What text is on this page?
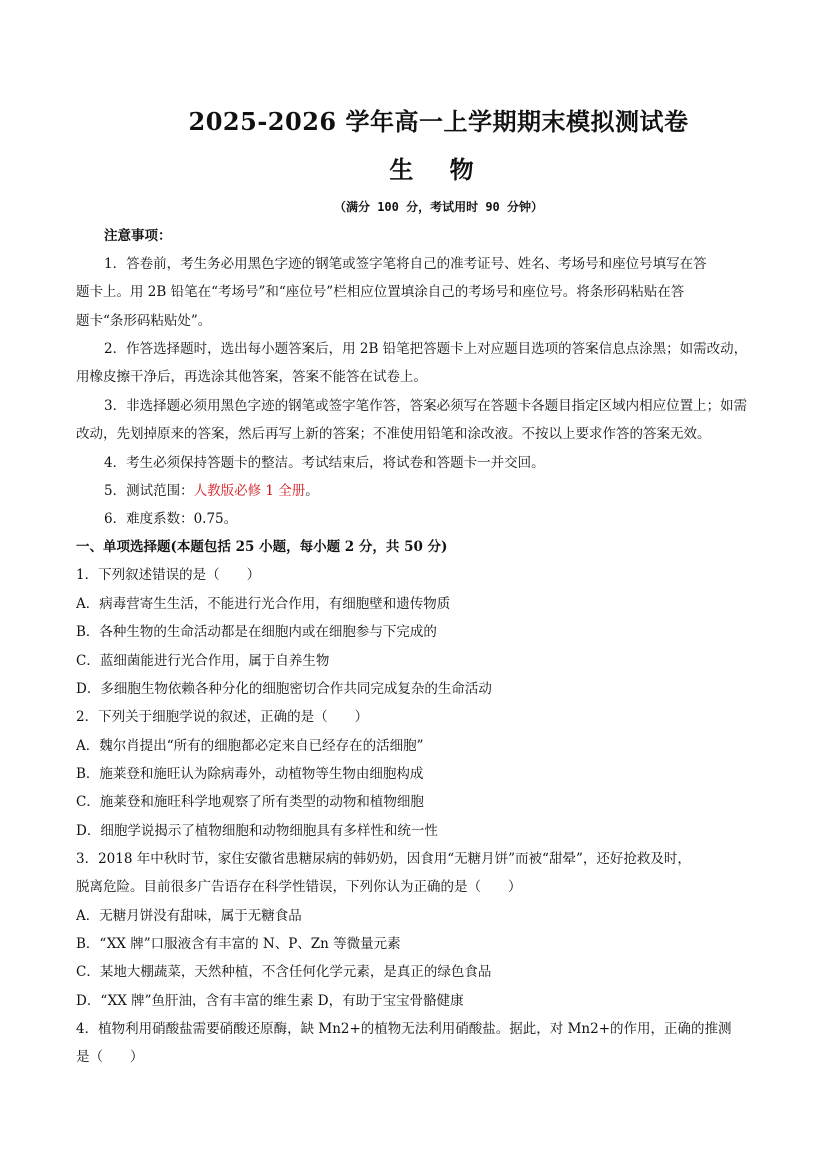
2025-2026 学年高一上学期期末模拟测试卷
生 物
（满分 100 分，考试用时 90 分钟）
注意事项：
1．答卷前，考生务必用黑色字迹的钢笔或签字笔将自己的准考证号、姓名、考场号和座位号填写在答
题卡上。用 2B 铅笔在“考场号”和“座位号”栏相应位置填涂自己的考场号和座位号。将条形码粘贴在答
题卡“条形码粘贴处”。
2．作答选择题时，选出每小题答案后，用 2B 铅笔把答题卡上对应题目选项的答案信息点涂黑；如需改动，
用橡皮擦干净后，再选涂其他答案，答案不能答在试卷上。
3．非选择题必须用黑色字迹的钢笔或签字笔作答，答案必须写在答题卡各题目指定区域内相应位置上；如需
改动，先划掉原来的答案，然后再写上新的答案；不准使用铅笔和涂改液。不按以上要求作答的答案无效。
4．考生必须保持答题卡的整洁。考试结束后，将试卷和答题卡一并交回。
5．测试范围：人教版必修 1 全册。
6．难度系数：0.75。
一、单项选择题(本题包括 25 小题，每小题 2 分，共 50 分)
1．下列叙述错误的是（　　）
A．病毒营寄生生活，不能进行光合作用，有细胞壁和遗传物质
B．各种生物的生命活动都是在细胞内或在细胞参与下完成的
C．蓝细菌能进行光合作用，属于自养生物
D．多细胞生物依赖各种分化的细胞密切合作共同完成复杂的生命活动
2．下列关于细胞学说的叙述，正确的是（　　）
A．魏尔肖提出“所有的细胞都必定来自已经存在的活细胞”
B．施莱登和施旺认为除病毒外，动植物等生物由细胞构成
C．施莱登和施旺科学地观察了所有类型的动物和植物细胞
D．细胞学说揭示了植物细胞和动物细胞具有多样性和统一性
3．2018 年中秋时节，家住安徽省患糖尿病的韩奶奶，因食用“无糖月饼”而被“甜晕”，还好抢救及时，
脱离危险。目前很多广告语存在科学性错误，下列你认为正确的是（　　）
A．无糖月饼没有甜味，属于无糖食品
B．“XX 牌”口服液含有丰富的 N、P、Zn 等微量元素
C．某地大棚蔬菜，天然种植，不含任何化学元素，是真正的绿色食品
D．“XX 牌”鱼肝油，含有丰富的维生素 D，有助于宝宝骨骼健康
4．植物利用硝酸盐需要硝酸还原酶，缺 Mn2+的植物无法利用硝酸盐。据此，对 Mn2+的作用，正确的推测
是（　　）
